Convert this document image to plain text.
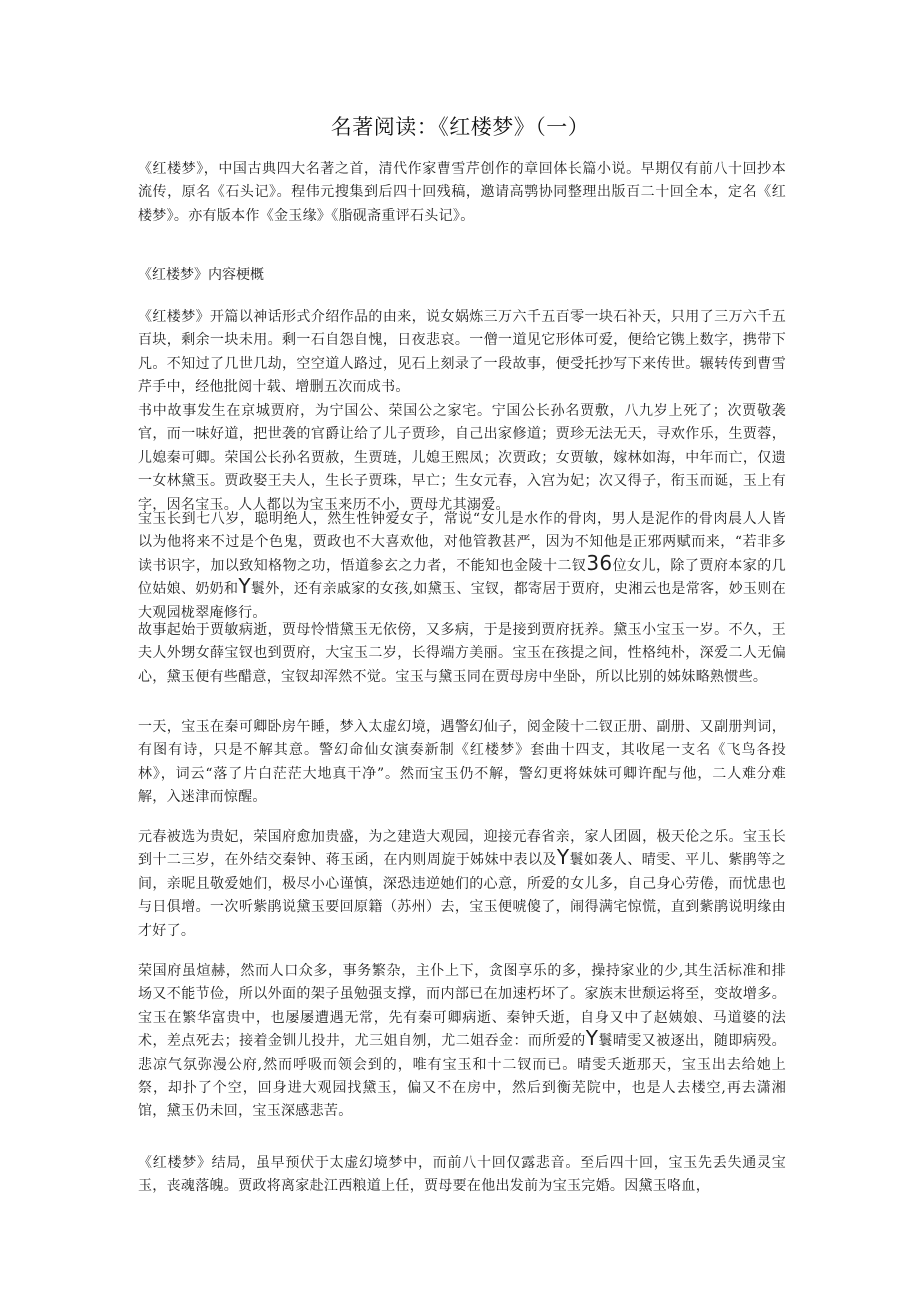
名著阅读：《红楼梦》（一）

《红楼梦》，中国古典四大名著之首，清代作家曹雪芹创作的章回体长篇小说。早期仅有前八十回抄本流传，原名《石头记》。程伟元搜集到后四十回残稿，邀请高鹗协同整理出版百二十回全本，定名《红楼梦》。亦有版本作《金玉缘》《脂砚斋重评石头记》。

《红楼梦》内容梗概

《红楼梦》开篇以神话形式介绍作品的由来，说女娲炼三万六千五百零一块石补天，只用了三万六千五百块，剩余一块未用。剩一石自怨自愧，日夜悲哀。一僧一道见它形体可爱，便给它镌上数字，携带下凡。不知过了几世几劫，空空道人路过，见石上刻录了一段故事，便受托抄写下来传世。辗转传到曹雪芹手中，经他批阅十载、增删五次而成书。

书中故事发生在京城贾府，为宁国公、荣国公之家宅。宁国公长孙名贾敷，八九岁上死了；次贾敬袭官，而一味好道，把世袭的官爵让给了儿子贾珍，自己出家修道；贾珍无法无天，寻欢作乐，生贾蓉，儿媳秦可卿。荣国公长孙名贾赦，生贾琏，儿媳王熙凤；次贾政；女贾敏，嫁林如海，中年而亡，仅遗一女林黛玉。贾政娶王夫人，生长子贾珠，早亡；生女元春，入宫为妃；次又得子，衔玉而诞，玉上有字，因名宝玉。人人都以为宝玉来历不小，贾母尤其溺爱。

宝玉长到七八岁，聪明绝人，然生性钟爱女子，常说“女儿是水作的骨肉，男人是泥作的骨肉晨人人皆以为他将来不过是个色鬼，贾政也不大喜欢他，对他管教甚严，因为不知他是正邪两赋而来，“若非多读书识字，加以致知格物之功，悟道参玄之力者，不能知也金陵十二钗36位女儿，除了贾府本家的几位姑娘、奶奶和Y鬟外，还有亲戚家的女孩,如黛玉、宝钗，都寄居于贾府，史湘云也是常客，妙玉则在大观园栊翠庵修行。

故事起始于贾敏病逝，贾母怜惜黛玉无依傍，又多病，于是接到贾府抚养。黛玉小宝玉一岁。不久，王夫人外甥女薛宝钗也到贾府，大宝玉二岁，长得端方美丽。宝玉在孩提之间，性格纯朴，深爱二人无偏心，黛玉便有些醋意，宝钗却浑然不觉。宝玉与黛玉同在贾母房中坐卧，所以比别的姊妹略熟惯些。

一天，宝玉在秦可卿卧房午睡，梦入太虚幻境，遇警幻仙子，阅金陵十二钗正册、副册、又副册判词，有图有诗，只是不解其意。警幻命仙女演奏新制《红楼梦》套曲十四支，其收尾一支名《飞鸟各投林》，词云“落了片白茫茫大地真干净”。然而宝玉仍不解，警幻更将妹妹可卿许配与他，二人难分难解，入迷津而惊醒。

元春被选为贵妃，荣国府愈加贵盛，为之建造大观园，迎接元春省亲，家人团圆，极天伦之乐。宝玉长到十二三岁，在外结交秦钟、蒋玉函，在内则周旋于姊妹中表以及Y鬟如袭人、晴雯、平儿、紫鹃等之间，亲昵且敬爱她们，极尽小心谨慎，深恐违逆她们的心意，所爱的女儿多，自己身心劳倦，而忧患也与日俱增。一次听紫鹃说黛玉要回原籍（苏州）去，宝玉便唬傻了，闹得满宅惊慌，直到紫鹃说明缘由才好了。

荣国府虽煊赫，然而人口众多，事务繁杂，主仆上下，贪图享乐的多，操持家业的少,其生活标准和排场又不能节俭，所以外面的架子虽勉强支撑，而内部已在加速朽坏了。家族末世颓运将至，变故增多。宝玉在繁华富贵中，也屡屡遭遇无常，先有秦可卿病逝、秦钟夭逝，自身又中了赵姨娘、马道婆的法术，差点死去；接着金钏儿投井，尤三姐自刎，尤二姐吞金：而所爱的Y鬟晴雯又被逐出，随即病殁。悲凉气氛弥漫公府,然而呼吸而领会到的，唯有宝玉和十二钗而已。晴雯夭逝那天，宝玉出去给她上祭，却扑了个空，回身进大观园找黛玉，偏又不在房中，然后到衡芜院中，也是人去楼空,再去潇湘馆，黛玉仍未回，宝玉深感悲苦。

《红楼梦》结局，虽早预伏于太虚幻境梦中，而前八十回仅露悲音。至后四十回，宝玉先丢失通灵宝玉，丧魂落魄。贾政将离家赴江西粮道上任，贾母要在他出发前为宝玉完婚。因黛玉咯血，
